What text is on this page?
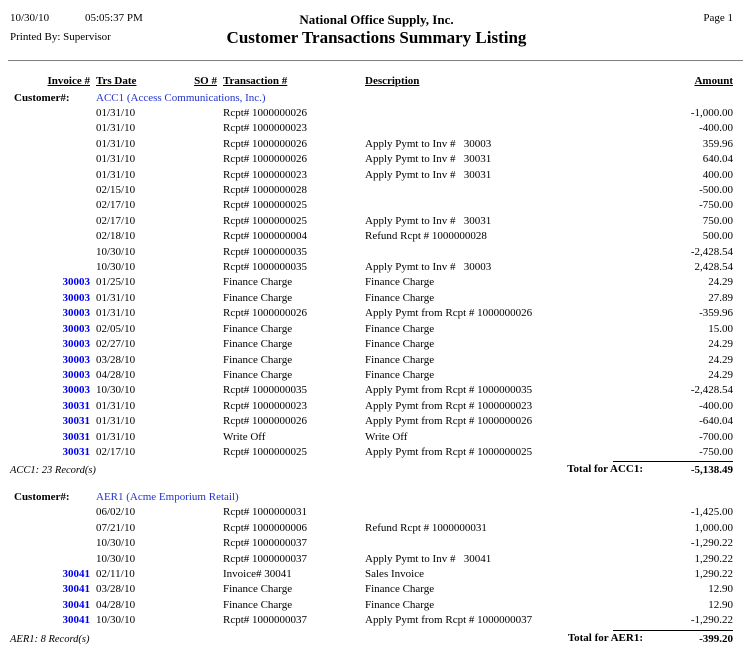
10/30/10	05:05:37 PM	National Office Supply, Inc.	Page 1
Printed By: Supervisor	Customer Transactions Summary Listing
Invoice # Trs Date	SO # Transaction #	Description	Amount
Customer#: ACC1 (Access Communications, Inc.)
01/31/10	Rcpt# 1000000026	-1,000.00
01/31/10	Rcpt# 1000000023	-400.00
01/31/10	Rcpt# 1000000026	Apply Pymt to Inv #   30003	359.96
01/31/10	Rcpt# 1000000026	Apply Pymt to Inv #   30031	640.04
01/31/10	Rcpt# 1000000023	Apply Pymt to Inv #   30031	400.00
02/15/10	Rcpt# 1000000028	-500.00
02/17/10	Rcpt# 1000000025	-750.00
02/17/10	Rcpt# 1000000025	Apply Pymt to Inv #   30031	750.00
02/18/10	Rcpt# 1000000004	Refund Rcpt # 1000000028	500.00
10/30/10	Rcpt# 1000000035	-2,428.54
10/30/10	Rcpt# 1000000035	Apply Pymt to Inv #   30003	2,428.54
30003 01/25/10	Finance Charge	Finance Charge	24.29
30003 01/31/10	Finance Charge	Finance Charge	27.89
30003 01/31/10	Rcpt# 1000000026	Apply Pymt from Rcpt # 1000000026	-359.96
30003 02/05/10	Finance Charge	Finance Charge	15.00
30003 02/27/10	Finance Charge	Finance Charge	24.29
30003 03/28/10	Finance Charge	Finance Charge	24.29
30003 04/28/10	Finance Charge	Finance Charge	24.29
30003 10/30/10	Rcpt# 1000000035	Apply Pymt from Rcpt # 1000000035	-2,428.54
30031 01/31/10	Rcpt# 1000000023	Apply Pymt from Rcpt # 1000000023	-400.00
30031 01/31/10	Rcpt# 1000000026	Apply Pymt from Rcpt # 1000000026	-640.04
30031 01/31/10	Write Off	Write Off	-700.00
30031 02/17/10	Rcpt# 1000000025	Apply Pymt from Rcpt # 1000000025	-750.00
ACC1: 23 Record(s)	Total for ACC1:	-5,138.49
Customer#: AER1 (Acme Emporium Retail)
06/02/10	Rcpt# 1000000031	-1,425.00
07/21/10	Rcpt# 1000000006	Refund Rcpt # 1000000031	1,000.00
10/30/10	Rcpt# 1000000037	-1,290.22
10/30/10	Rcpt# 1000000037	Apply Pymt to Inv #   30041	1,290.22
30041 02/11/10	Invoice# 30041	Sales Invoice	1,290.22
30041 03/28/10	Finance Charge	Finance Charge	12.90
30041 04/28/10	Finance Charge	Finance Charge	12.90
30041 10/30/10	Rcpt# 1000000037	Apply Pymt from Rcpt # 1000000037	-1,290.22
AER1: 8 Record(s)	Total for AER1:	-399.20
